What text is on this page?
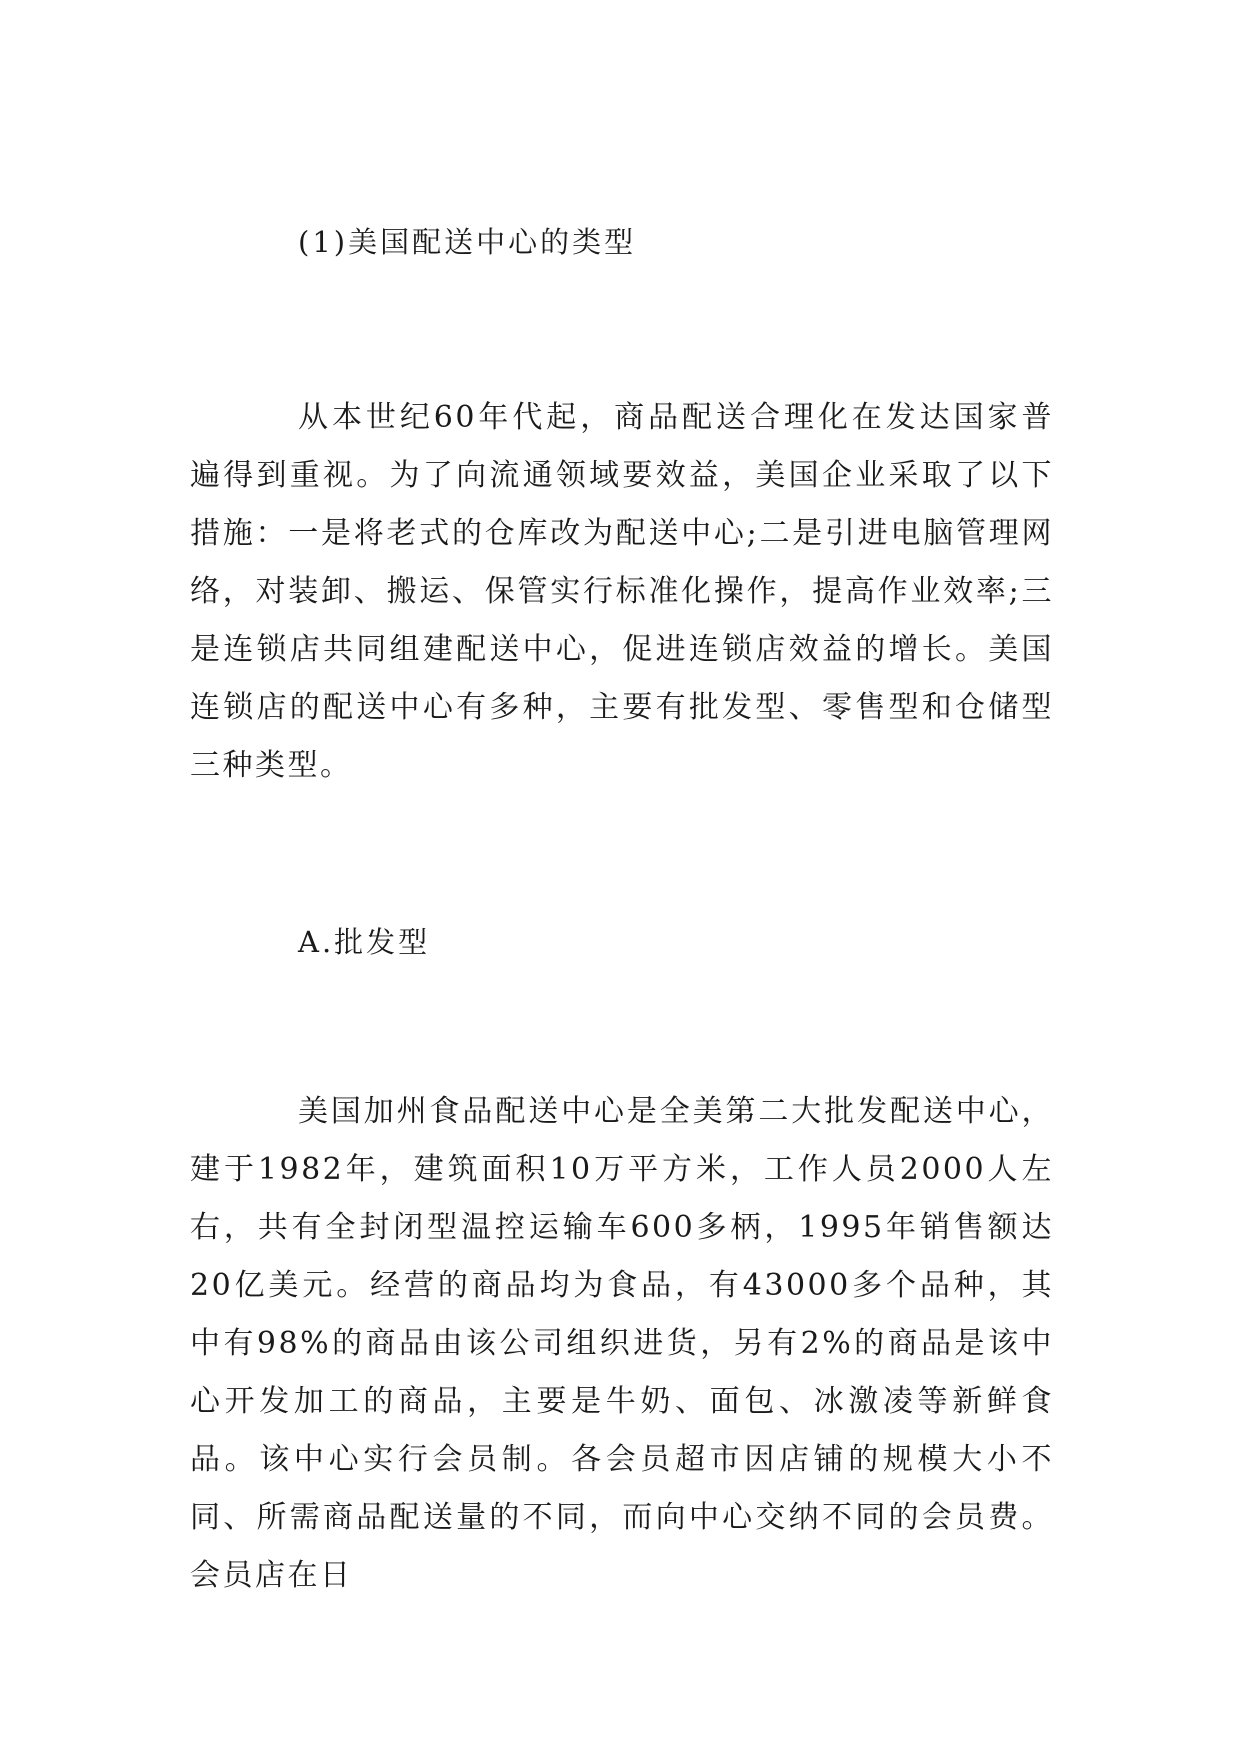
(1)美国配送中心的类型

从本世纪60年代起，商品配送合理化在发达国家普遍得到重视。为了向流通领域要效益，美国企业采取了以下措施：一是将老式的仓库改为配送中心;二是引进电脑管理网络，对装卸、搬运、保管实行标准化操作，提高作业效率;三是连锁店共同组建配送中心，促进连锁店效益的增长。美国连锁店的配送中心有多种，主要有批发型、零售型和仓储型三种类型。

A.批发型

美国加州食品配送中心是全美第二大批发配送中心，建于1982年，建筑面积10万平方米，工作人员2000人左右，共有全封闭型温控运输车600多柄，1995年销售额达20亿美元。经营的商品均为食品，有43000多个品种，其中有98%的商品由该公司组织进货，另有2%的商品是该中心开发加工的商品，主要是牛奶、面包、冰激凌等新鲜食品。该中心实行会员制。各会员超市因店铺的规模大小不同、所需商品配送量的不同，而向中心交纳不同的会员费。会员店在日
